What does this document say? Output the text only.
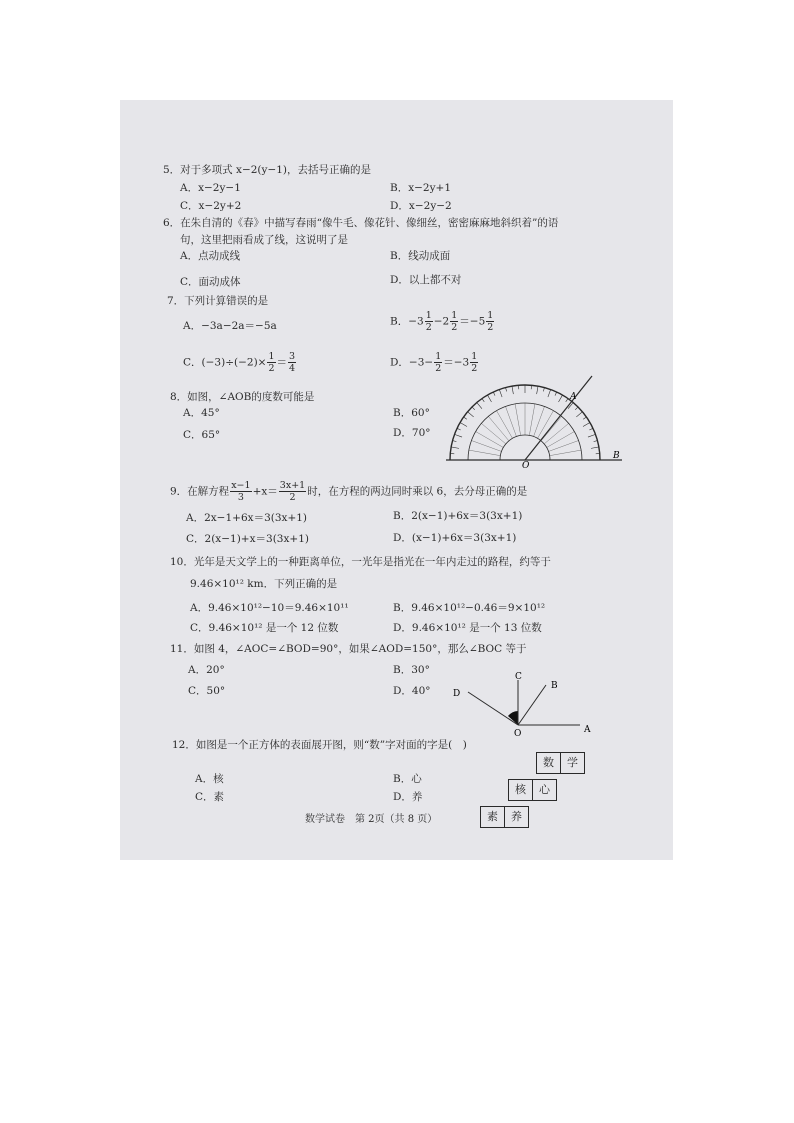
5．对于多项式 x−2(y−1)，去括号正确的是
A．x−2y−1	B．x−2y+1
C．x−2y+2	D．x−2y−2
6．在朱自清的《春》中描写春雨“像牛毛、像花针、像细丝，密密麻麻地斜织着”的语
句，这里把雨看成了线，这说明了是
A．点动成线	B．线动成面
C．面动成体	D．以上都不对
7．下列计算错误的是
A．−3a−2a＝−5a	B．$-3 \frac{1}{2} -2 \frac{1}{2} =-5 \frac{1}{2}$
C．$(-3)\div(-2)\times \frac{1}{2} = \frac{3}{4}$	D．$-3- \frac{1}{2} =-3 \frac{1}{2}$
8．如图，∠AOB的度数可能是
A．45°	B．60°
C．65°	D．70°
A
O
B
9．在解方程 $\frac{x-1}{3} +x= \frac{3x+1}{2}$ 时，在方程的两边同时乘以 6，去分母正确的是
A．2x−1+6x＝3(3x+1)	B．2(x−1)+6x＝3(3x+1)
C．2(x−1)+x＝3(3x+1)	D．(x−1)+6x＝3(3x+1)
10．光年是天文学上的一种距离单位，一光年是指光在一年内走过的路程，约等于
9.46×10¹² km．下列正确的是
A．9.46×10¹²−10＝9.46×10¹¹	B．9.46×10¹²−0.46＝9×10¹²
C．9.46×10¹² 是一个 12 位数	D．9.46×10¹² 是一个 13 位数
11．如图 4，∠AOC=∠BOD=90°，如果∠AOD=150°，那么∠BOC 等于
A．20°	B．30°
C．50°	D．40°
C
B
D
O	A
12．如图是一个正方体的表面展开图，则“数”字对面的字是(　)
A．核	B．心
C．素	D．养
数	学
核	心
素	养
数学试卷　第 2页（共 8 页）
